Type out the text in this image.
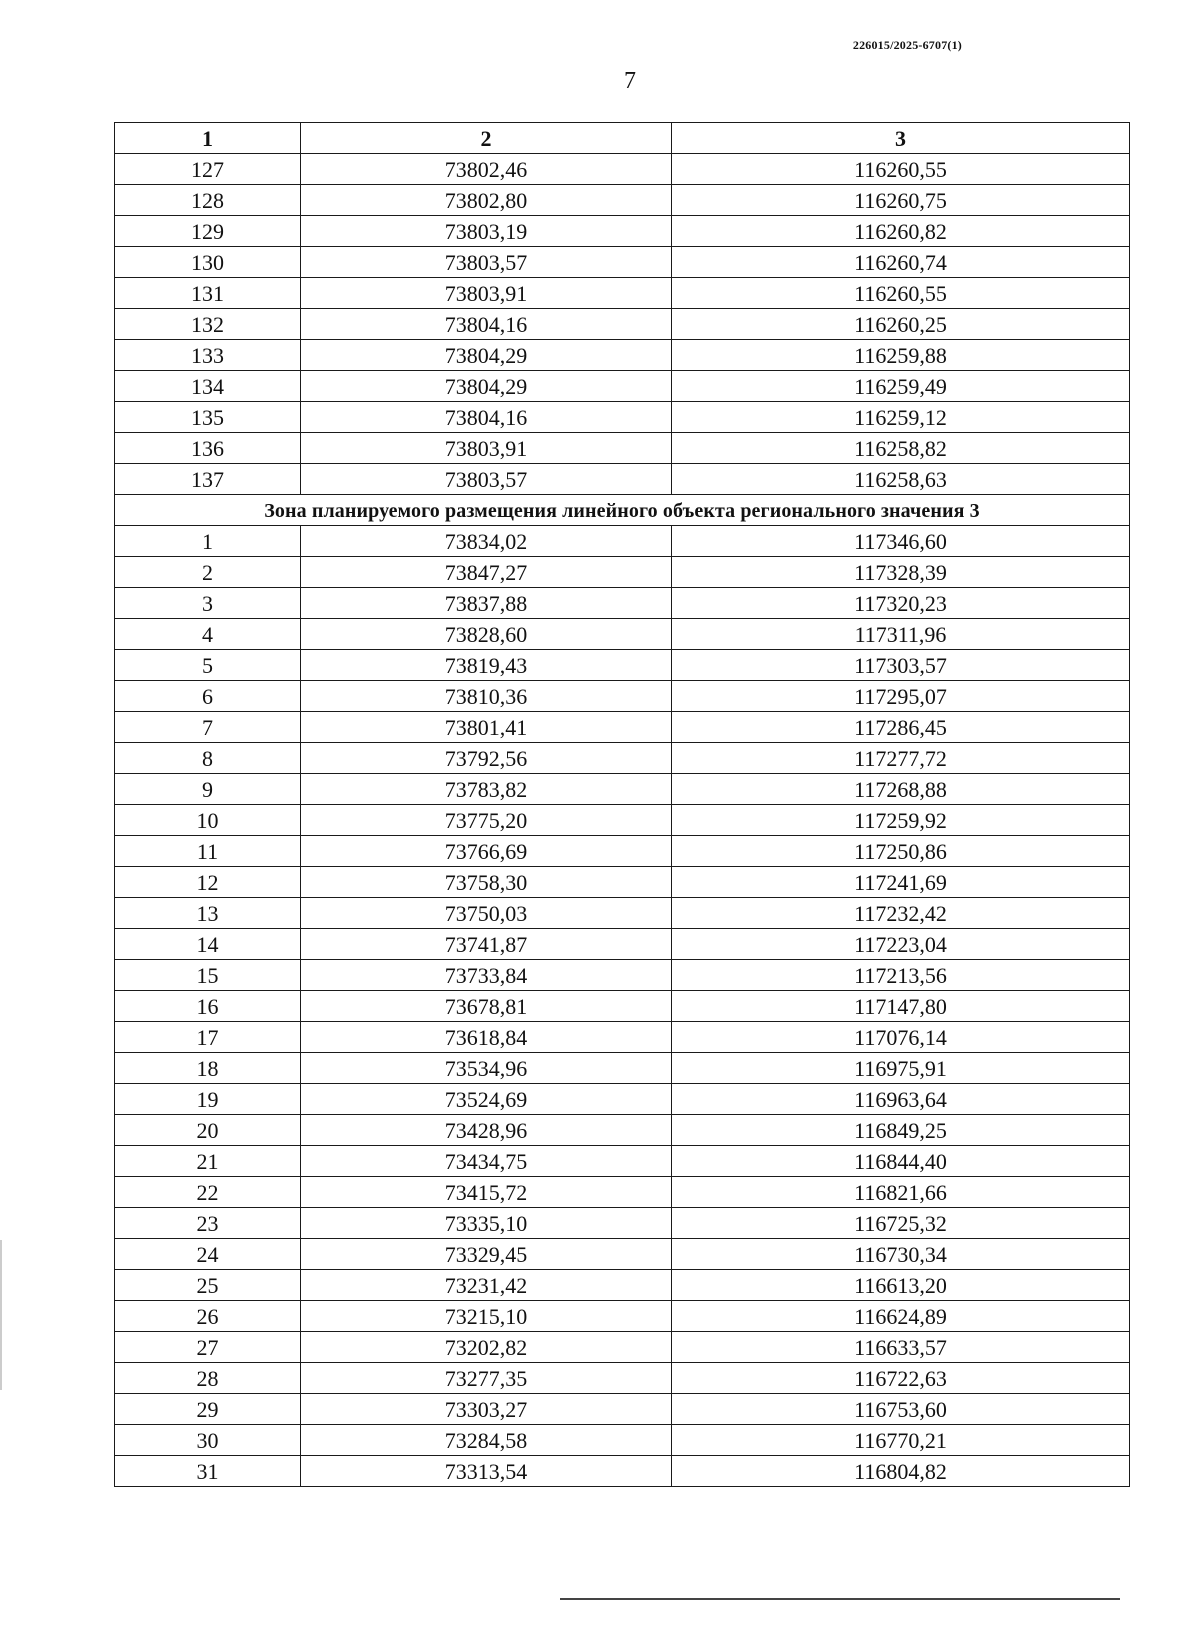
226015/2025-6707(1)
7
1	2	3
127	73802,46	116260,55
128	73802,80	116260,75
129	73803,19	116260,82
130	73803,57	116260,74
131	73803,91	116260,55
132	73804,16	116260,25
133	73804,29	116259,88
134	73804,29	116259,49
135	73804,16	116259,12
136	73803,91	116258,82
137	73803,57	116258,63
Зона планируемого размещения линейного объекта регионального значения 3		
1	73834,02	117346,60
2	73847,27	117328,39
3	73837,88	117320,23
4	73828,60	117311,96
5	73819,43	117303,57
6	73810,36	117295,07
7	73801,41	117286,45
8	73792,56	117277,72
9	73783,82	117268,88
10	73775,20	117259,92
11	73766,69	117250,86
12	73758,30	117241,69
13	73750,03	117232,42
14	73741,87	117223,04
15	73733,84	117213,56
16	73678,81	117147,80
17	73618,84	117076,14
18	73534,96	116975,91
19	73524,69	116963,64
20	73428,96	116849,25
21	73434,75	116844,40
22	73415,72	116821,66
23	73335,10	116725,32
24	73329,45	116730,34
25	73231,42	116613,20
26	73215,10	116624,89
27	73202,82	116633,57
28	73277,35	116722,63
29	73303,27	116753,60
30	73284,58	116770,21
31	73313,54	116804,82
